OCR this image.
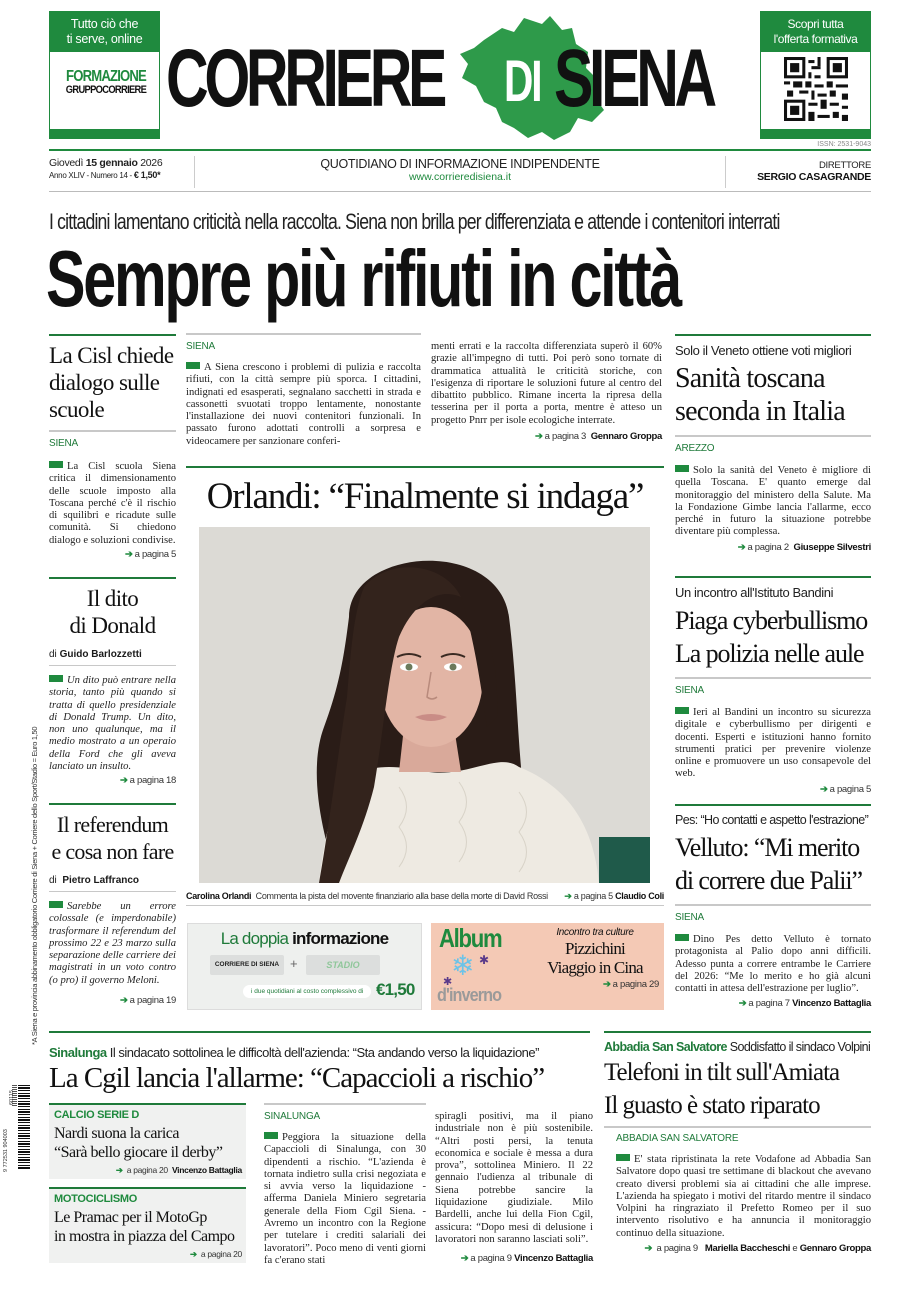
Tutto ciò che
ti serve, online
FORMAZIONE
GRUPPOCORRIERE CORRIERE DI SIENA
Scopri tutta
l'offerta formativa
ISSN: 2531-9043
Giovedì 15 gennaio 2026
Anno XLIV - Numero 14 - € 1,50*
QUOTIDIANO DI INFORMAZIONE INDIPENDENTE
www.corrieredisiena.it
DIRETTORE
SERGIO CASAGRANDE
I cittadini lamentano criticità nella raccolta. Siena non brilla per differenziata e attende i contenitori interrati
Sempre più rifiuti in città
SIENA
A Siena crescono i problemi di pulizia e raccolta rifiuti, con la città sempre più sporca. I cittadini, indignati ed esasperati, segnalano sacchetti in strada e cassonetti svuotati troppo lentamente, nonostante l'installazione dei nuovi contenitori funzionali. In passato furono adottati controlli a sorpresa e videocamere per sanzionare conferi-
menti errati e la raccolta differenziata superò il 60% grazie all'impegno di tutti. Poi però sono tornate di drammatica attualità le criticità storiche, con l'esigenza di riportare le soluzioni future al centro del dibattito pubblico. Rimane incerta la ripresa della tesserina per il porta a porta, mentre è atteso un progetto Pnrr per isole ecologiche interrate.
➔ a pagina 3 Gennaro Groppa
La Cisl chiede dialogo sulle scuole
SIENA
La Cisl scuola Siena critica il dimensionamento delle scuole imposto alla Toscana perché c'è il rischio di squilibri e ricadute sulle comunità. Si chiedono dialogo e soluzioni condivise.
➔ a pagina 5
Il dito
di Donald
di Guido Barlozzetti
Un dito può entrare nella storia, tanto più quando si tratta di quello presidenziale di Donald Trump. Un dito, non uno qualunque, ma il medio mostrato a un operaio della Ford che gli aveva lanciato un insulto.
➔ a pagina 18
Il referendum
e cosa non fare
di Pietro Laffranco
Sarebbe un errore colossale (e imperdonabile) trasformare il referendum del prossimo 22 e 23 marzo sulla separazione delle carriere dei magistrati in un voto contro (o pro) il governo Meloni.
➔ a pagina 19
Orlandi: “Finalmente si indaga”
Carolina Orlandi Commenta la pista del movente finanziario alla base della morte di David Rossi ➔ a pagina 5 Claudio Coli
La doppia informazione
CORRIERE DI SIENA +	STADIO
i due quotidiani al costo complessivo di €1,50
Album
❄ ✱
✱
d'inverno
Incontro tra culture
Pizzichini
Viaggio in Cina
➔ a pagina 29
Solo il Veneto ottiene voti migliori
Sanità toscana
seconda in Italia
AREZZO
Solo la sanità del Veneto è migliore di quella Toscana. E' quanto emerge dal monitoraggio del ministero della Salute. Ma la Fondazione Gimbe lancia l'allarme, ecco perché in futuro la situazione potrebbe diventare più complessa.
➔ a pagina 2 Giuseppe Silvestri
Un incontro all'Istituto Bandini
Piaga cyberbullismo
La polizia nelle aule
SIENA
Ieri al Bandini un incontro su sicurezza digitale e cyberbullismo per dirigenti e docenti. Esperti e istituzioni hanno fornito strumenti pratici per prevenire violenze online e promuovere un uso consapevole del web.
➔ a pagina 5
Pes: “Ho contatti e aspetto l'estrazione”
Velluto: “Mi merito
di correre due Palii”
SIENA
Dino Pes detto Velluto è tornato protagonista al Palio dopo anni difficili. Adesso punta a correre entrambe le Carriere del 2026: “Me lo merito e ho già alcuni contatti in attesa dell'estrazione per luglio”.
➔ a pagina 7 Vincenzo Battaglia
Sinalunga Il sindacato sottolinea le difficoltà dell'azienda: “Sta andando verso la liquidazione”
La Cgil lancia l'allarme: “Capaccioli a rischio”
CALCIO SERIE D
Nardi suona la carica
“Sarà bello giocare il derby”
➔ a pagina 20 Vincenzo Battaglia
MOTOCICLISMO
Le Pramac per il MotoGp
in mostra in piazza del Campo
➔ a pagina 20
SINALUNGA
Peggiora la situazione della Capaccioli di Sinalunga, con 30 dipendenti a rischio. “L'azienda è tornata indietro sulla crisi negoziata e si avvia verso la liquidazione - afferma Daniela Miniero segretaria generale della Fiom Cgil Siena. - Avremo un incontro con la Regione per tutelare i crediti salariali dei lavoratori”. Poco meno di venti giorni fa c'erano stati
spiragli positivi, ma il piano industriale non è più sostenibile. “Altri posti persi, la tenuta economica e sociale è messa a dura prova”, sottolinea Miniero. Il 22 gennaio l'udienza al tribunale di Siena potrebbe sancire la liquidazione giudiziale. Milo Bardelli, anche lui della Fion Cgil, assicura: “Dopo mesi di delusione i lavoratori non saranno lasciati soli”.
➔ a pagina 9 Vincenzo Battaglia
Abbadia San Salvatore Soddisfatto il sindaco Volpini
Telefoni in tilt sull'Amiata
Il guasto è stato riparato
ABBADIA SAN SALVATORE
E' stata ripristinata la rete Vodafone ad Abbadia San Salvatore dopo quasi tre settimane di blackout che avevano creato diversi problemi sia ai cittadini che alle imprese. L'azienda ha spiegato i motivi del ritardo mentre il sindaco Volpini ha ringraziato il Prefetto Romeo per il suo intervento risolutivo e ha annuncia il monitoraggio continuo della situazione.
➔ a pagina 9 Mariella Baccheschi e Gennaro Groppa
*A Siena e provincia abbinamento obbligatorio Corriere di Siena + Corriere dello Sport/Stadio = Euro 1,50
9 772531 904003
60115
